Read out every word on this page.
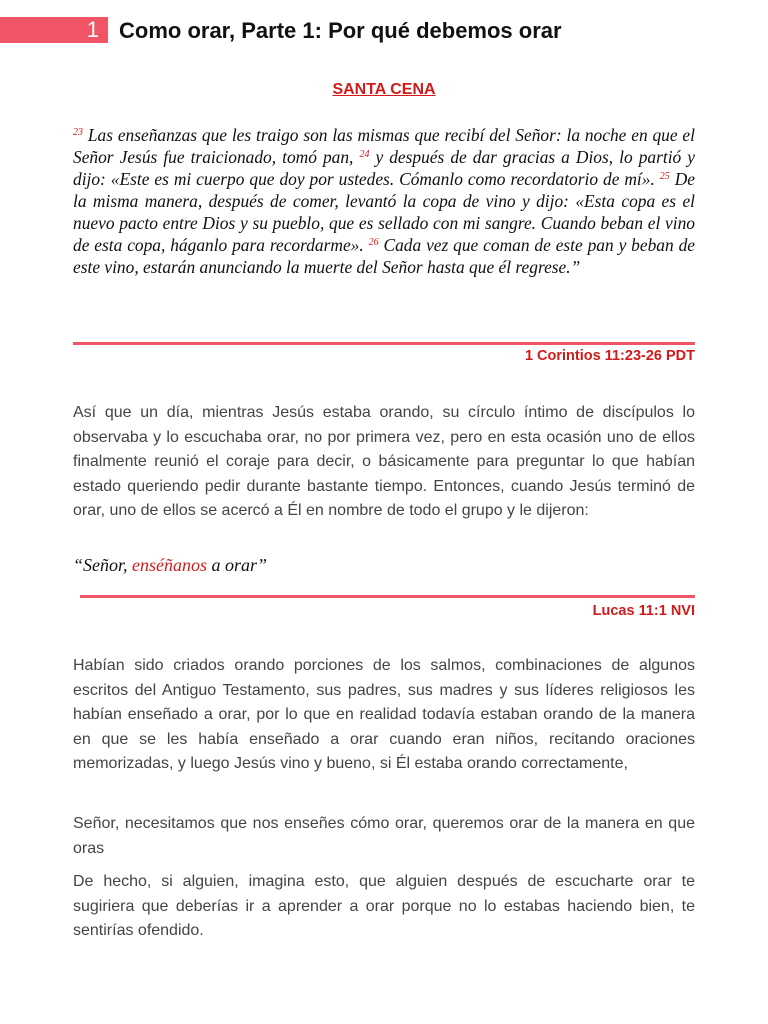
1 Como orar, Parte 1: Por qué debemos orar
SANTA CENA
$^{23}$ Las enseñanzas que les traigo son las mismas que recibí del Señor: la noche en que el Señor Jesús fue traicionado, tomó pan, $^{24}$ y después de dar gracias a Dios, lo partió y dijo: «Este es mi cuerpo que doy por ustedes. Cómanlo como recordatorio de mí». $^{25}$ De la misma manera, después de comer, levantó la copa de vino y dijo: «Esta copa es el nuevo pacto entre Dios y su pueblo, que es sellado con mi sangre. Cuando beban el vino de esta copa, háganlo para recordarme». $^{26}$ Cada vez que coman de este pan y beban de este vino, estarán anunciando la muerte del Señor hasta que él regrese.”
1 Corintios 11:23-26 PDT
Así que un día, mientras Jesús estaba orando, su círculo íntimo de discípulos lo observaba y lo escuchaba orar, no por primera vez, pero en esta ocasión uno de ellos finalmente reunió el coraje para decir, o básicamente para preguntar lo que habían estado queriendo pedir durante bastante tiempo. Entonces, cuando Jesús terminó de orar, uno de ellos se acercó a Él en nombre de todo el grupo y le dijeron:
“Señor, enséñanos a orar”
Lucas 11:1 NVI
Habían sido criados orando porciones de los salmos, combinaciones de algunos escritos del Antiguo Testamento, sus padres, sus madres y sus líderes religiosos les habían enseñado a orar, por lo que en realidad todavía estaban orando de la manera en que se les había enseñado a orar cuando eran niños, recitando oraciones memorizadas, y luego Jesús vino y bueno, si Él estaba orando correctamente,
Señor, necesitamos que nos enseñes cómo orar, queremos orar de la manera en que oras
De hecho, si alguien, imagina esto, que alguien después de escucharte orar te sugiriera que deberías ir a aprender a orar porque no lo estabas haciendo bien, te sentirías ofendido.
